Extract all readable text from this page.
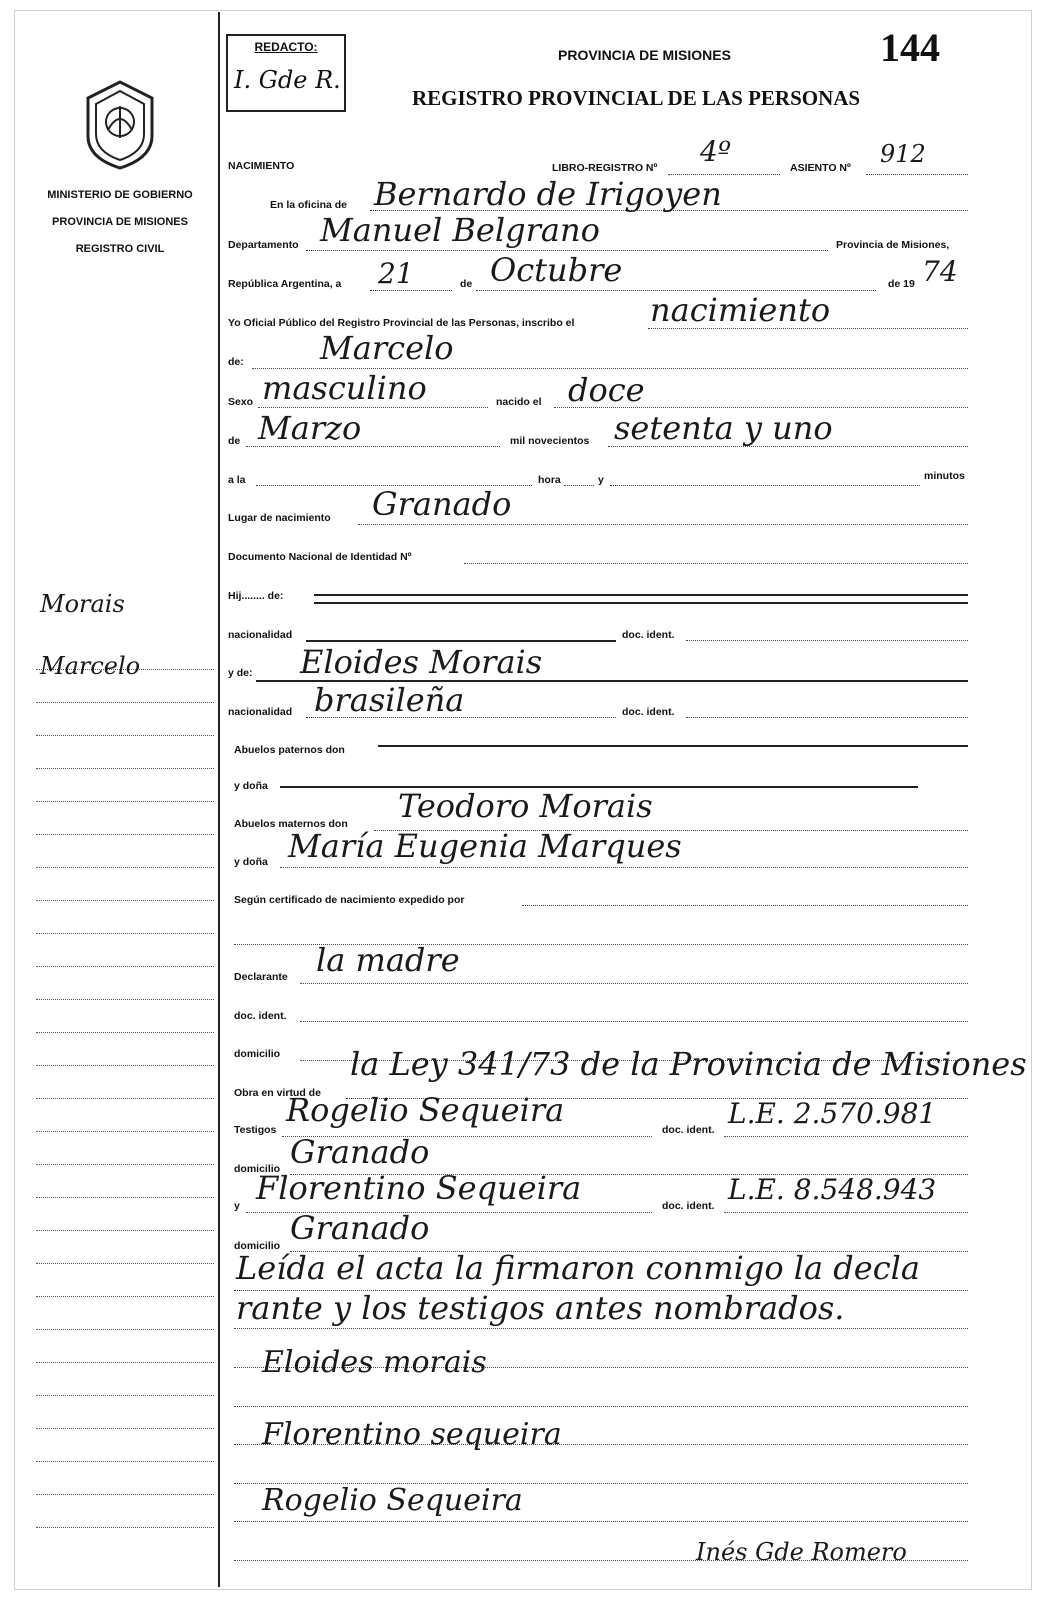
MINISTERIO DE GOBIERNO
PROVINCIA DE MISIONES
REGISTRO CIVIL
Morais
Marcelo
REDACTO:
I. Gde R.
PROVINCIA DE MISIONES	144
REGISTRO PROVINCIAL DE LAS PERSONAS
NACIMIENTO	LIBRO-REGISTRO Nº 4º	ASIENTO Nº 912
En la oficina de Bernardo de Irigoyen
Departamento Manuel Belgrano	Provincia de Misiones,
República Argentina, a 21	de Octubre	de 19 74
Yo Oficial Público del Registro Provincial de las Personas, inscribo el nacimiento
de: Marcelo
Sexo masculino	nacido el doce
de Marzo	mil novecientos setenta y uno
a la	hora	y	minutos
Lugar de nacimiento Granado
Documento Nacional de Identidad Nº
Hij........ de:
nacionalidad	doc. ident.
y de: Eloides Morais
nacionalidad brasileña	doc. ident.
Abuelos paternos don
y doña
Abuelos maternos don Teodoro Morais
y doña María Eugenia Marques
Según certificado de nacimiento expedido por
Declarante la madre
doc. ident.
domicilio
Obra en virtud de
la Ley 341/73 de la Provincia de Misiones
Testigos
Rogelio Sequeira
doc. ident. L.E. 2.570.981
domicilio Granado
y Florentino Sequeira	doc. ident. L.E. 8.548.943
domicilio Granado
Leída el acta la firmaron conmigo la decla
rante y los testigos antes nombrados.
Eloides morais
Florentino sequeira
Rogelio Sequeira
Inés Gde Romero
